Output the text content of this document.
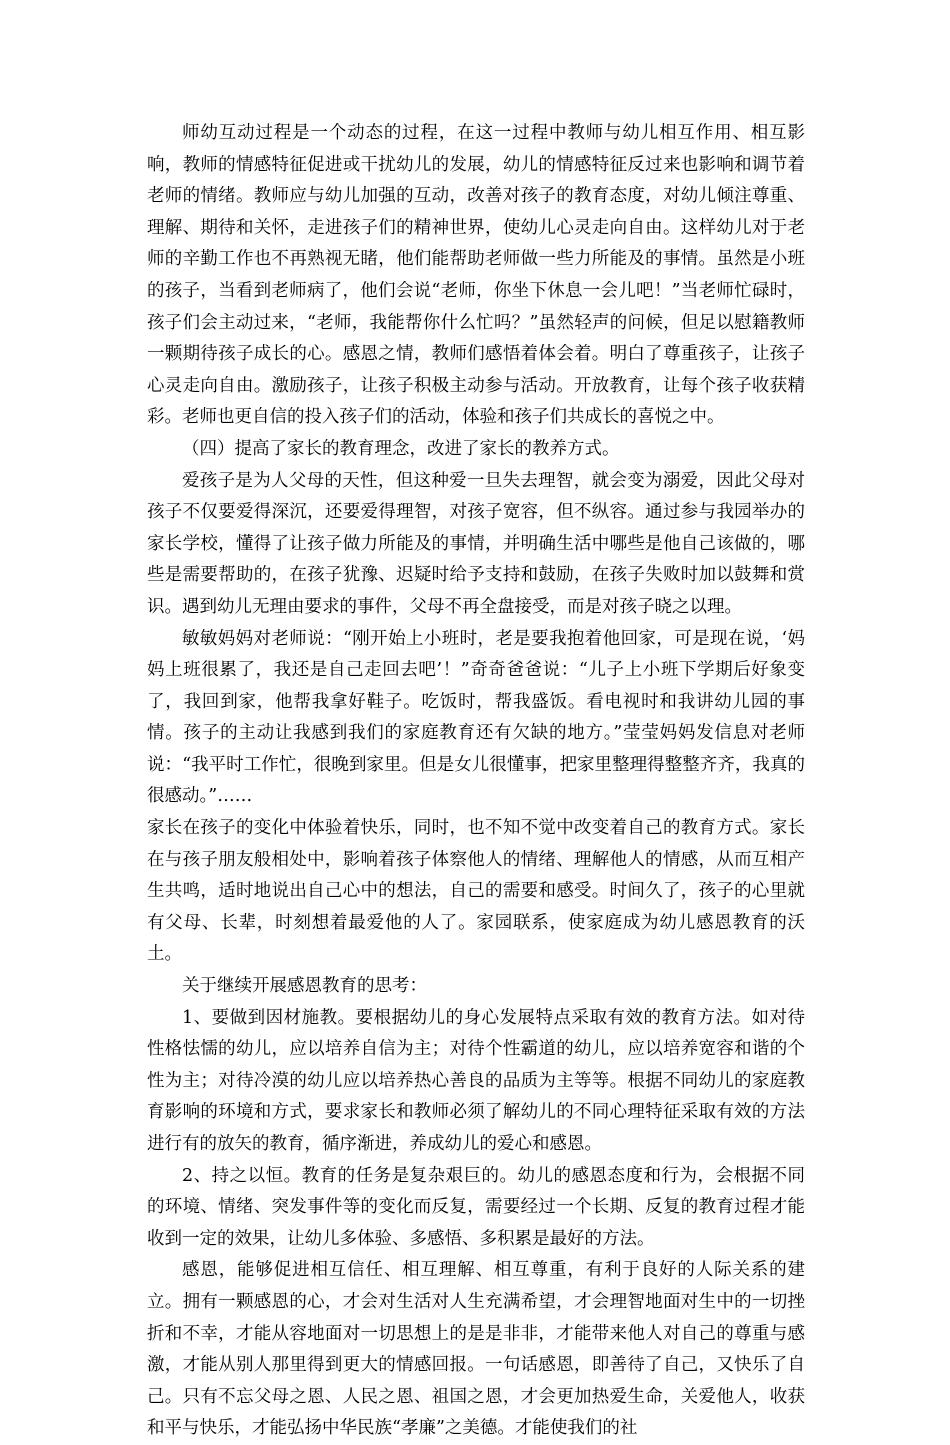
师幼互动过程是一个动态的过程，在这一过程中教师与幼儿相互作用、相互影响，教师的情感特征促进或干扰幼儿的发展，幼儿的情感特征反过来也影响和调节着老师的情绪。教师应与幼儿加强的互动，改善对孩子的教育态度，对幼儿倾注尊重、理解、期待和关怀，走进孩子们的精神世界，使幼儿心灵走向自由。这样幼儿对于老师的辛勤工作也不再熟视无睹，他们能帮助老师做一些力所能及的事情。虽然是小班的孩子，当看到老师病了，他们会说“老师，你坐下休息一会儿吧！”当老师忙碌时，孩子们会主动过来，“老师，我能帮你什么忙吗？”虽然轻声的问候，但足以慰籍教师一颗期待孩子成长的心。感恩之情，教师们感悟着体会着。明白了尊重孩子，让孩子心灵走向自由。激励孩子，让孩子积极主动参与活动。开放教育，让每个孩子收获精彩。老师也更自信的投入孩子们的活动，体验和孩子们共成长的喜悦之中。

（四）提高了家长的教育理念，改进了家长的教养方式。

爱孩子是为人父母的天性，但这种爱一旦失去理智，就会变为溺爱，因此父母对孩子不仅要爱得深沉，还要爱得理智，对孩子宽容，但不纵容。通过参与我园举办的家长学校，懂得了让孩子做力所能及的事情，并明确生活中哪些是他自己该做的，哪些是需要帮助的，在孩子犹豫、迟疑时给予支持和鼓励，在孩子失败时加以鼓舞和赏识。遇到幼儿无理由要求的事件，父母不再全盘接受，而是对孩子晓之以理。

敏敏妈妈对老师说：“刚开始上小班时，老是要我抱着他回家，可是现在说，‘妈妈上班很累了，我还是自己走回去吧’！”奇奇爸爸说：“儿子上小班下学期后好象变了，我回到家，他帮我拿好鞋子。吃饭时，帮我盛饭。看电视时和我讲幼儿园的事情。孩子的主动让我感到我们的家庭教育还有欠缺的地方。”莹莹妈妈发信息对老师说：“我平时工作忙，很晚到家里。但是女儿很懂事，把家里整理得整整齐齐，我真的很感动。”……

家长在孩子的变化中体验着快乐，同时，也不知不觉中改变着自己的教育方式。家长在与孩子朋友般相处中，影响着孩子体察他人的情绪、理解他人的情感，从而互相产生共鸣，适时地说出自己心中的想法，自己的需要和感受。时间久了，孩子的心里就有父母、长辈，时刻想着最爱他的人了。家园联系，使家庭成为幼儿感恩教育的沃土。

关于继续开展感恩教育的思考：

1、要做到因材施教。要根据幼儿的身心发展特点采取有效的教育方法。如对待性格怯懦的幼儿，应以培养自信为主；对待个性霸道的幼儿，应以培养宽容和谐的个性为主；对待冷漠的幼儿应以培养热心善良的品质为主等等。根据不同幼儿的家庭教育影响的环境和方式，要求家长和教师必须了解幼儿的不同心理特征采取有效的方法进行有的放矢的教育，循序渐进，养成幼儿的爱心和感恩。

2、持之以恒。教育的任务是复杂艰巨的。幼儿的感恩态度和行为，会根据不同的环境、情绪、突发事件等的变化而反复，需要经过一个长期、反复的教育过程才能收到一定的效果，让幼儿多体验、多感悟、多积累是最好的方法。

感恩，能够促进相互信任、相互理解、相互尊重，有利于良好的人际关系的建立。拥有一颗感恩的心，才会对生活对人生充满希望，才会理智地面对生中的一切挫折和不幸，才能从容地面对一切思想上的是是非非，才能带来他人对自己的尊重与感激，才能从别人那里得到更大的情感回报。一句话感恩，即善待了自己，又快乐了自己。只有不忘父母之恩、人民之恩、祖国之恩，才会更加热爱生命，关爱他人，收获和平与快乐，才能弘扬中华民族“孝廉”之美德。才能使我们的社
